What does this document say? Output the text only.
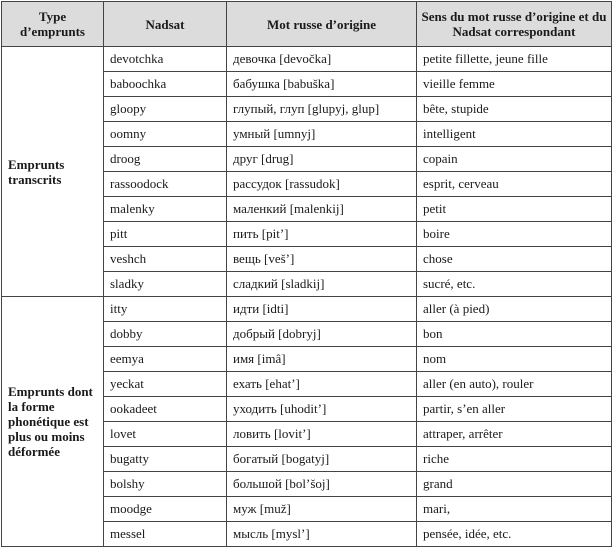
Type d’emprunts	Nadsat	Mot russe d’origine	Sens du mot russe d’origine et du Nadsat correspondant
Emprunts transcrits	devotchka	девочка [devočka]	petite fillette, jeune fille
	baboochka	бабушка [babuška]	vieille femme
	gloopy	глупый, глуп [glupyj, glup]	bête, stupide
	oomny	умный [umnyj]	intelligent
	droog	друг [drug]	copain
	rassoodock	рассудок [rassudok]	esprit, cerveau
	malenky	маленкий [malenkij]	petit
	pitt	пить [pit’]	boire
	veshch	вещь [vešʼ]	chose
	sladky	сладкий [sladkij]	sucré, etc.
Emprunts dont la forme phonétique est plus ou moins déformée	itty	идти [idti]	aller (à pied)
	dobby	добрый [dobryj]	bon
	eemya	имя [imâ]	nom
	yeckat	ехать [ehat’]	aller (en auto), rouler
	ookadeet	уходить [uhodit’]	partir, s’en aller
	lovet	ловить [lovit’]	attraper, arrêter
	bugatty	богатый [bogatyj]	riche
	bolshy	большой [bolʼšoj]	grand
	moodge	муж [muž]	mari,
	messel	мысль [mysl’]	pensée, idée, etc.
